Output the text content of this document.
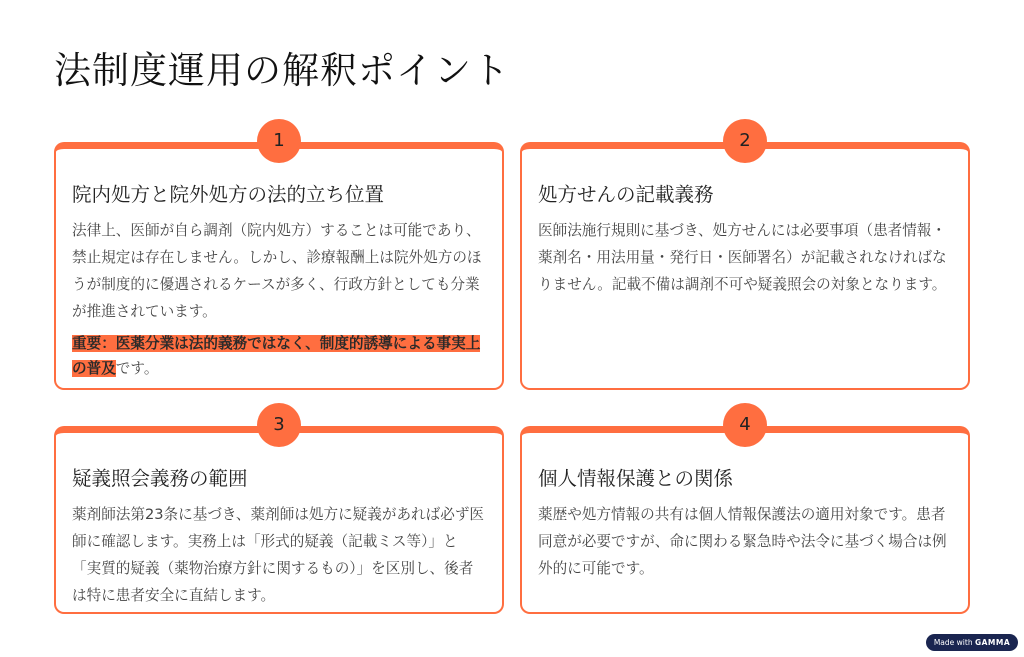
法制度運用の解釈ポイント
1
院内処方と院外処方の法的立ち位置

法律上、医師が自ら調剤（院内処方）することは可能であり、禁止規定は存在しません。しかし、診療報酬上は院外処方のほうが制度的に優遇されるケースが多く、行政方針としても分業が推進されています。

重要：医薬分業は法的義務ではなく、制度的誘導による事実上の普及です。

2
処方せんの記載義務

医師法施行規則に基づき、処方せんには必要事項（患者情報・薬剤名・用法用量・発行日・医師署名）が記載されなければなりません。記載不備は調剤不可や疑義照会の対象となります。

3
疑義照会義務の範囲

薬剤師法第23条に基づき、薬剤師は処方に疑義があれば必ず医師に確認します。実務上は「形式的疑義（記載ミス等）」と「実質的疑義（薬物治療方針に関するもの）」を区別し、後者は特に患者安全に直結します。

4
個人情報保護との関係

薬歴や処方情報の共有は個人情報保護法の適用対象です。患者同意が必要ですが、命に関わる緊急時や法令に基づく場合は例外的に可能です。

Made with GAMMA
